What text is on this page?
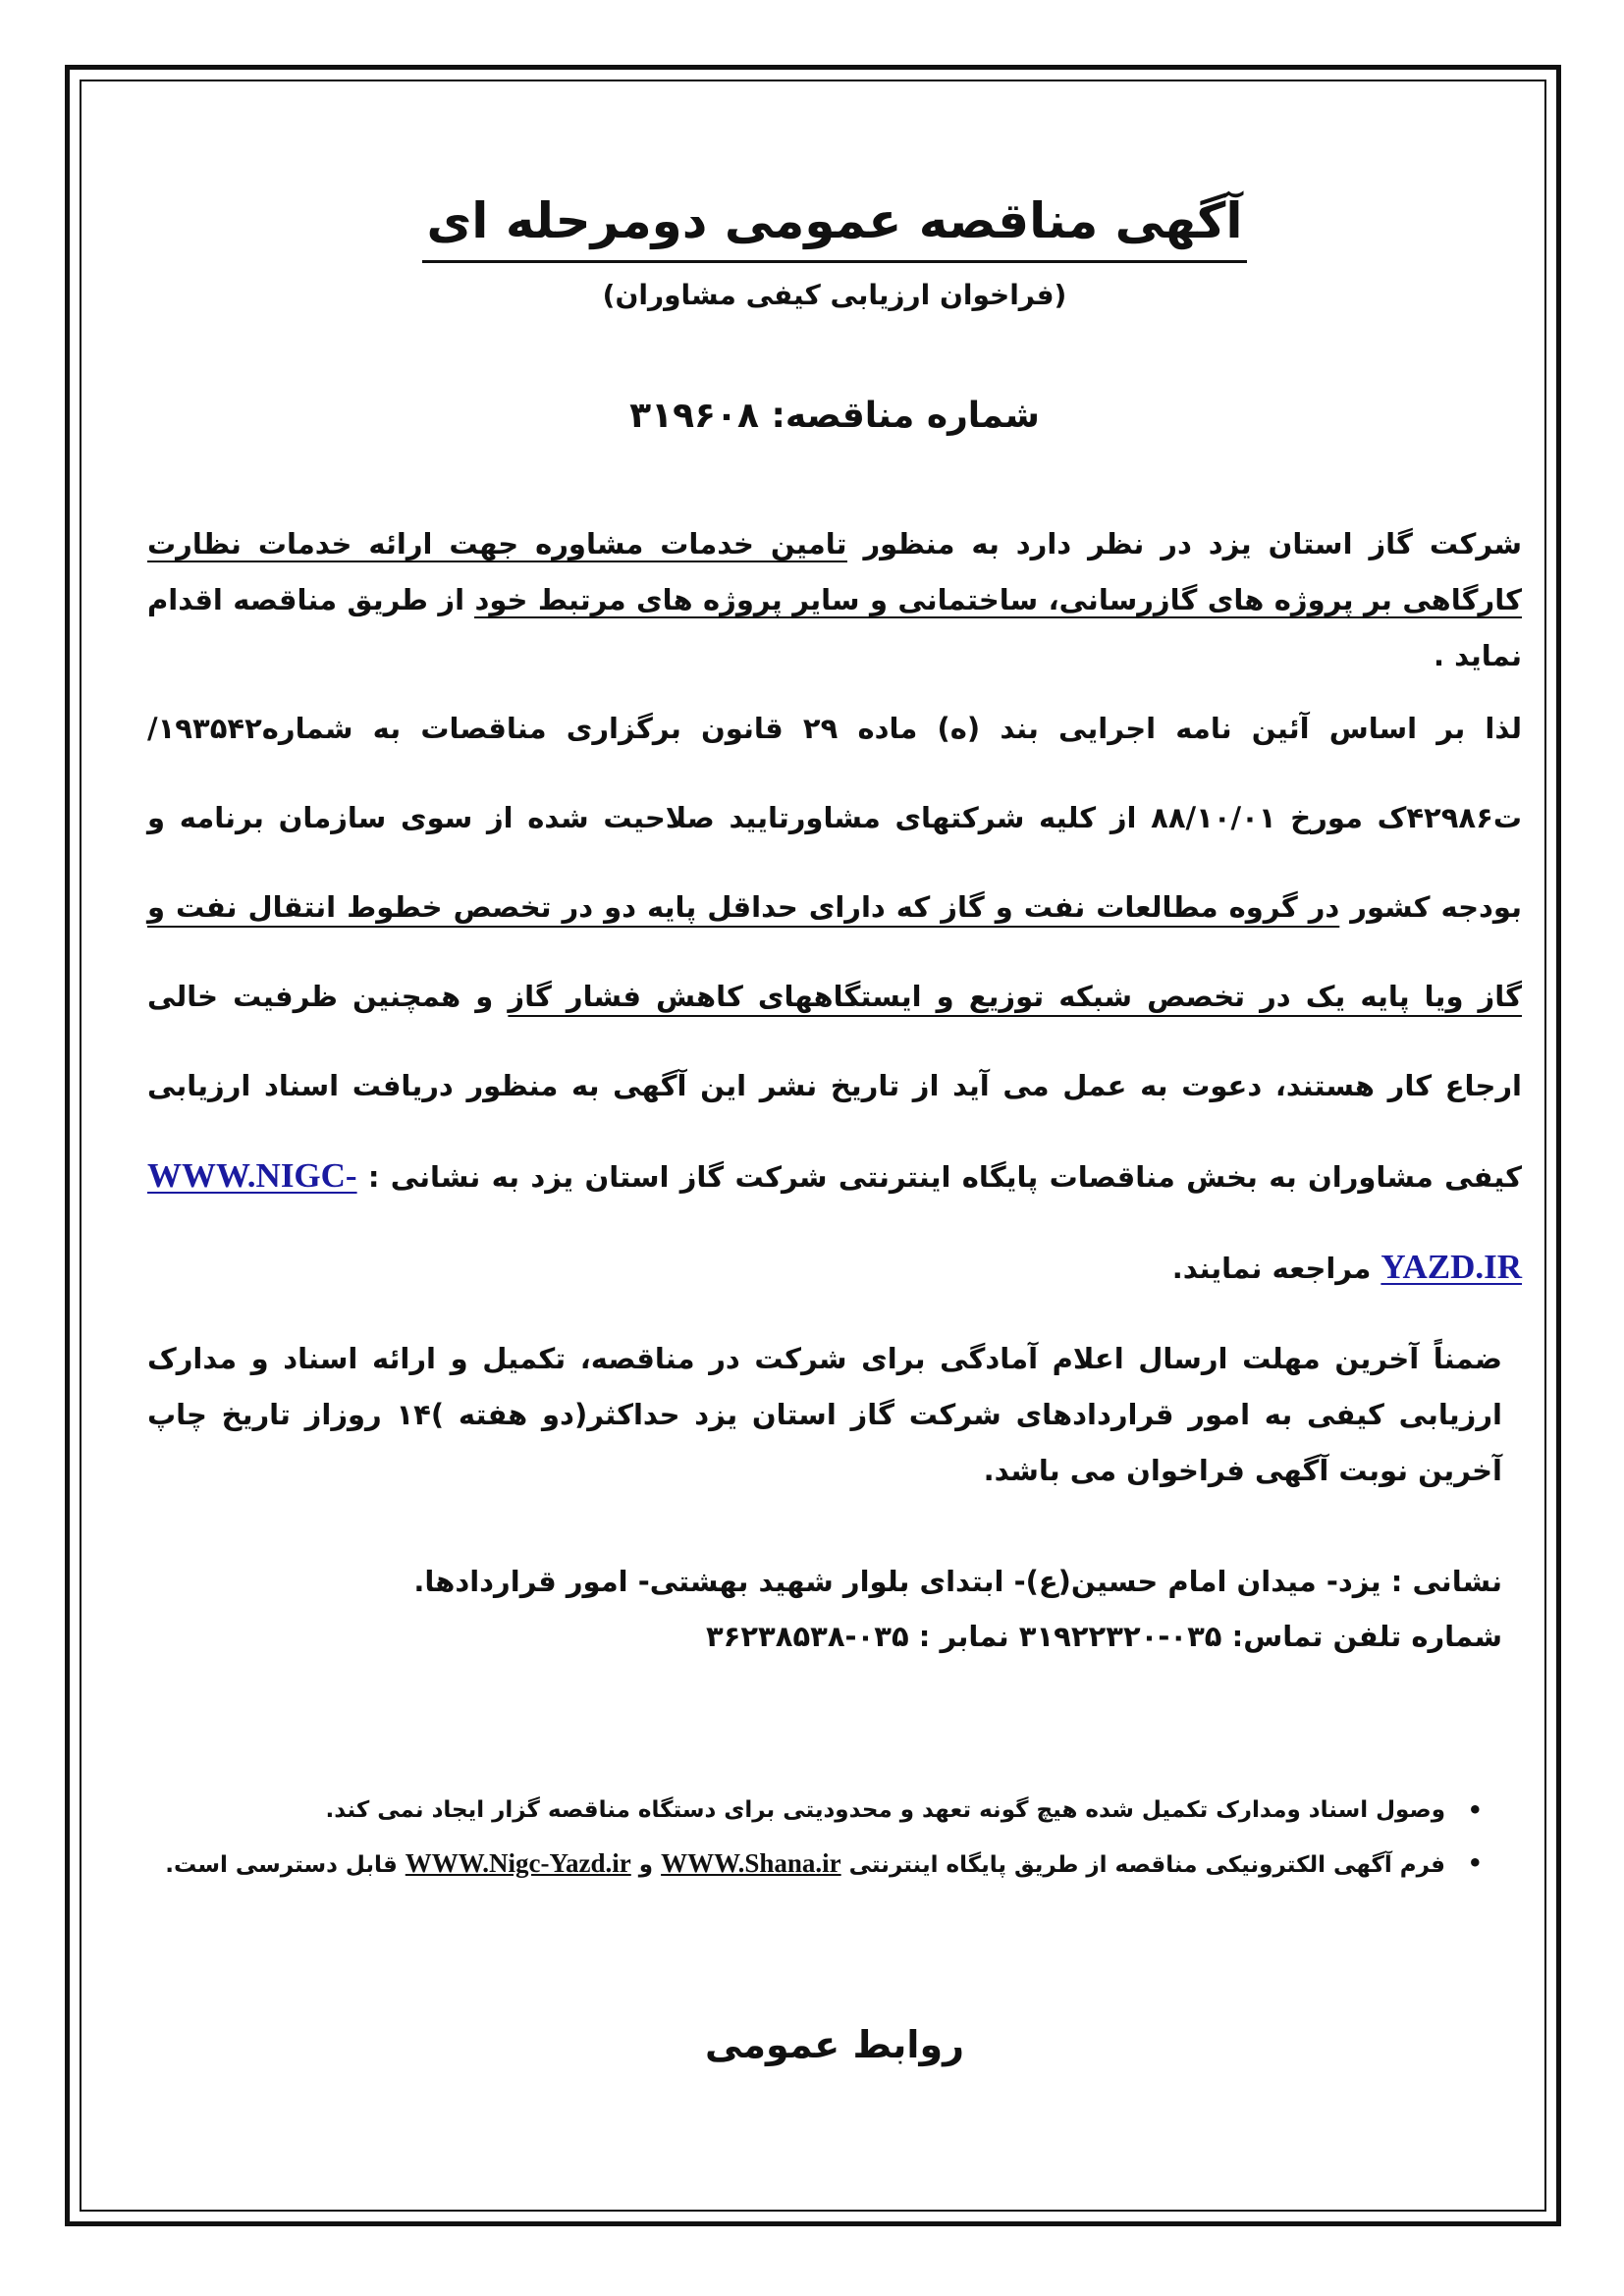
آگهی مناقصه عمومی دومرحله ای
(فراخوان ارزیابی کیفی مشاوران)
شماره مناقصه: ۳۱۹۶۰۸

شرکت گاز استان یزد در نظر دارد به منظور تامین خدمات مشاوره جهت ارائه خدمات نظارت کارگاهی بر پروژه های گازرسانی، ساختمانی و سایر پروژه های مرتبط خود از طریق مناقصه اقدام نماید .

لذا بر اساس آئین نامه اجرایی بند (ه) ماده ۲۹ قانون برگزاری مناقصات به شماره۱۹۳۵۴۲/ت۴۲۹۸۶ک مورخ ۸۸/۱۰/۰۱ از کلیه شرکتهای مشاورتایید صلاحیت شده از سوی سازمان برنامه و بودجه کشور در گروه مطالعات نفت و گاز که دارای حداقل پایه دو در تخصص خطوط انتقال نفت و گاز ویا پایه یک در تخصص شبکه توزیع و ایستگاههای کاهش فشار گاز و همچنین ظرفیت خالی ارجاع کار هستند، دعوت به عمل می آید از تاریخ نشر این آگهی به منظور دریافت اسناد ارزیابی کیفی مشاوران به بخش مناقصات پایگاه اینترنتی شرکت گاز استان یزد به نشانی : WWW.NIGC-YAZD.IR مراجعه نمایند.

ضمناً آخرین مهلت ارسال اعلام آمادگی برای شرکت در مناقصه، تکمیل و ارائه اسناد و مدارک ارزیابی کیفی به امور قراردادهای شرکت گاز استان یزد حداکثر(دو هفته )۱۴ روزاز تاریخ چاپ آخرین نوبت آگهی فراخوان می باشد.

نشانی : یزد- میدان امام حسین(ع)- ابتدای بلوار شهید بهشتی- امور قراردادها.
شماره تلفن تماس: ۰۳۵-۳۱۹۲۲۳۲۰ نمابر : ۰۳۵-۳۶۲۳۸۵۳۸
•
وصول اسناد ومدارک تکمیل شده هیچ گونه تعهد و محدودیتی برای دستگاه مناقصه گزار ایجاد نمی کند.
•
فرم آگهی الکترونیکی مناقصه از طریق پایگاه اینترنتی WWW.Shana.ir و WWW.Nigc-Yazd.ir قابل دسترسی است.
روابط عمومی
